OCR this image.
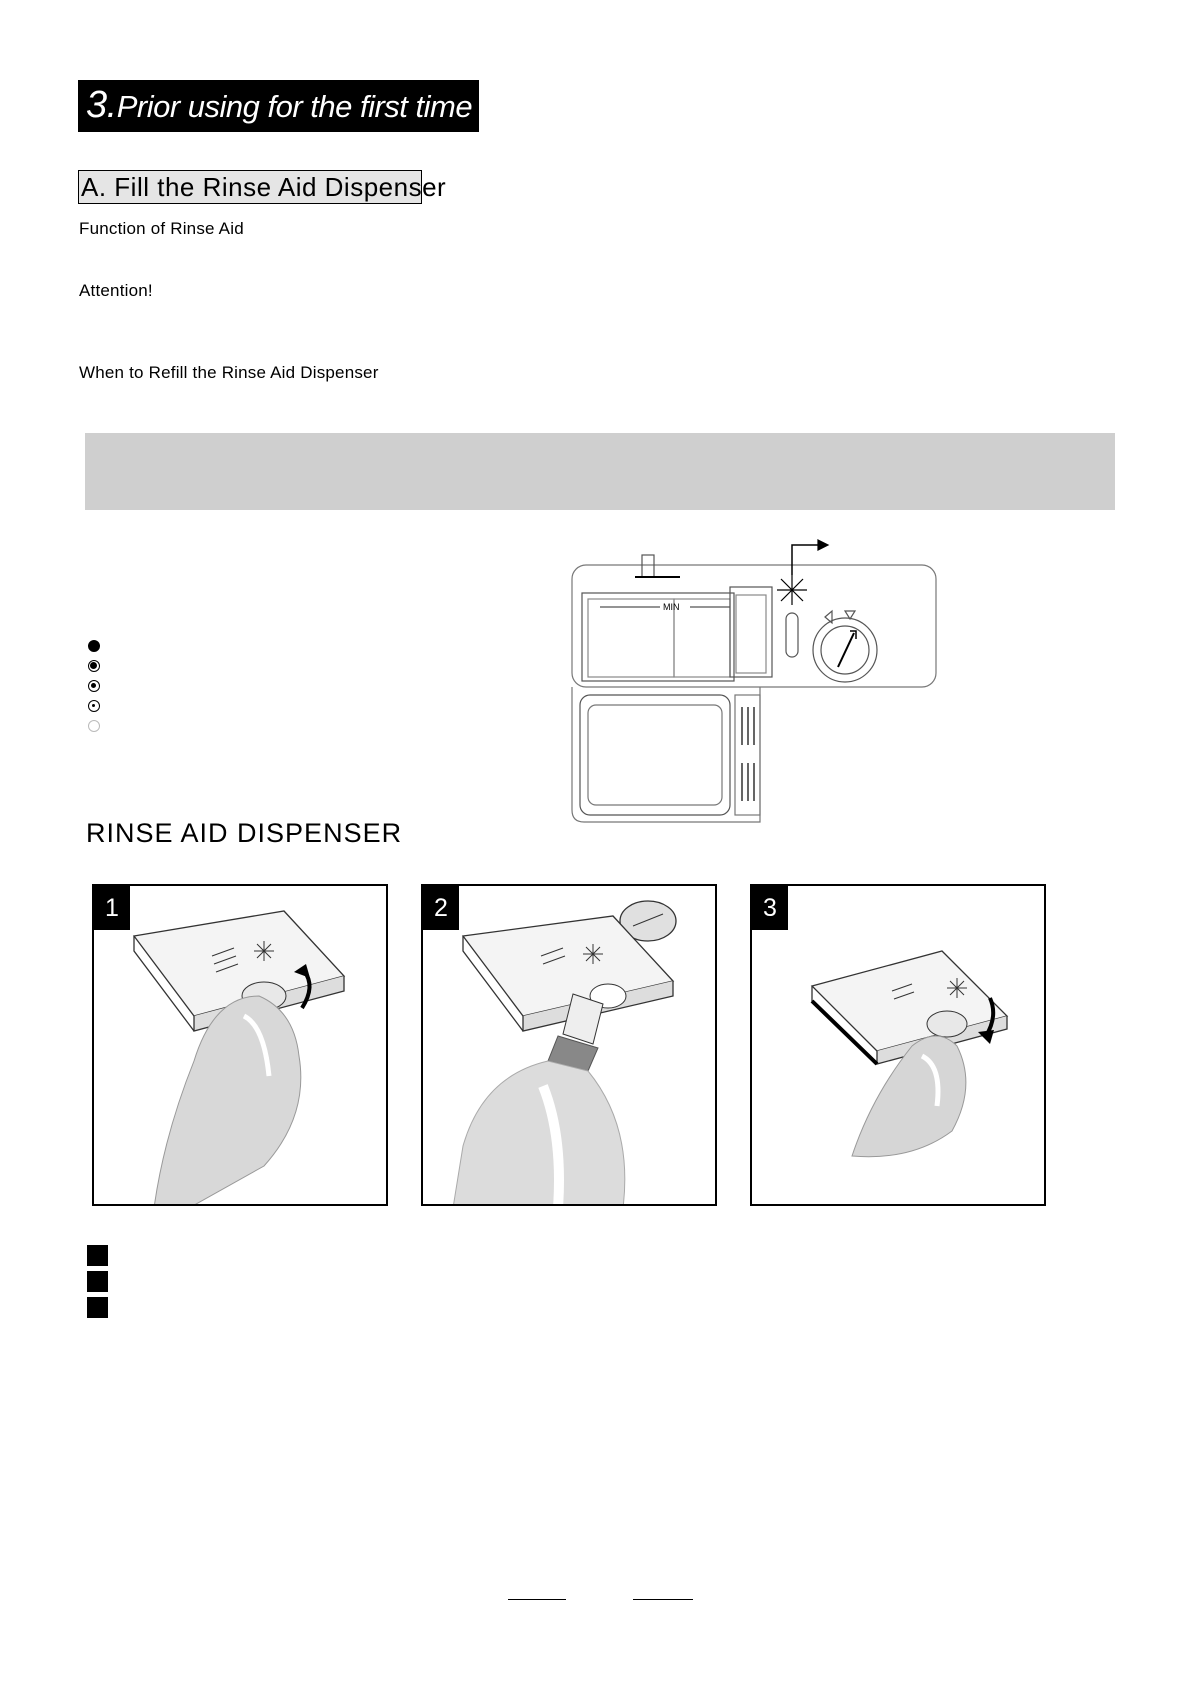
3.Prior using for the first time
A. Fill the Rinse Aid Dispenser
Function of Rinse Aid
Attention!
When to Refill the Rinse Aid Dispenser
MIN
RINSE AID DISPENSER
1	2	3
